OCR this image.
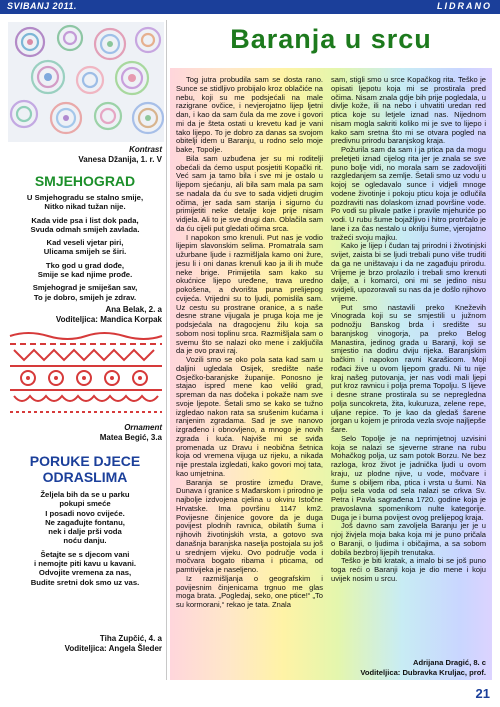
SVIBANJ 2011.	LIDRANO
Kontrast
Vanesa Džanija, 1. r. V
SMJEHOGRAD
U Smjehogradu se stalno smije,
Nitko nikad tužan nije.
Kada vide psa i list dok pada,
Svuda odmah smijeh zavlada.
Kad veseli vjetar piri,
Ulicama smijeh se širi.
Tko god u grad dođe,
Smije se kad njime prođe.
Smjehograd je smiješan sav,
To je dobro, smijeh je zdrav.
Ana Belak, 2. a
Voditeljica: Mandica Korpak
Ornament
Matea Begić, 3.a
PORUKE DJECE
ODRASLIMA
Željela bih da se u parku
pokupi smeće
I posadi novo cvijeće.
Ne zagađujte fontanu,
nek i dalje prši voda
noću danju.
Šetajte se s djecom vani
i nemojte piti kavu u kavani.
Odvojite vremena za nas,
Budite sretni dok smo uz vas.
Tiha Zupčić, 4. a
Voditeljica: Angela Šleder
Baranja u srcu

Tog jutra probudila sam se dosta rano. Sunce se stidljivo probijalo kroz oblačiće na nebu, koji su me podsjećali na male razigrane ovčice, i nevjerojatno lijep ljetni dan, i kao da sam čula da me zove i govori mi da je šteta ostati u krevetu kad je vani tako lijepo. To je dobro za danas sa svojom obitelji idem u Baranju, u rodno selo moje bake, Topolje.

Bila sam uzbuđena jer su mi roditelji obećali da ćemo usput posjetiti Kopački rit. Već sam ja tamo bila i sve mi je ostalo u lijepom sjećanju, ali bila sam mala pa sam se nadala da ću sve to sada vidjeti drugim očima, jer sada sam starija i sigurno ću primijetiti neke detalje koje prije nisam vidjela. Ali to je sve drugi dan. Oblačila sam da ću cijeli put gledati očima srca.

I napokon smo krenuli. Put nas je vodio lijepim slavonskim selima. Promatrala sam užurbane ljude i razmišljala kamo oni žure, jesu li i oni danas krenuli kao ja ili ih muče neke brige. Primijetila sam kako su okućnice lijepo uređene, trava uredno pokošena, a dvorišta puna prelijepog cvijeća. Vrijedni su to ljudi, pomislila sam. Uz cestu su prostrane oranice, a s naše desne strane vijugala je pruga koja me je podsjećala na dragocjenu žilu koja sa sobom nosi toplinu srca. Razmišljala sam o svemu što se nalazi oko mene i zaključila da je ovo pravi raj.

Vozili smo se oko pola sata kad sam u daljini ugledala Osijek, središte naše Osječko-baranjske županije. Ponosno je stajao ispred mene kao veliki grad, spreman da nas dočeka i pokaže nam sve svoje ljepote. Šetali smo se kako se tužno izgledao nakon rata sa srušenim kućama i ranjenim zgradama. Sad je sve nanovo izgrađeno i obnovljeno, a mnogo je novih zgrada i kuća. Najviše mi se sviđa promenada uz Dravu i neobična šetnica koja od vremena vijuga uz rijeku, a nikada nije prestala izgledati, kako govori moj tata, kao umjetnina.

Baranja se prostire između Drave, Dunava i granice s Mađarskom i prirodno je najbolje izdvojena cjelina u okviru Istočne Hrvatske. Ima površinu 1147 km2. Povijesne činjenice govore da je duga povijest plodnih ravnica, obilatih šuma i njihovih životinjskih vrsta, a gotovo sva današnja baranjska naselja postojala su još u srednjem vijeku. Ovo područje voda i močvara bogato ribama i pticama, od pamtivijeka je naseljeno.

Iz razmišljanja o geografskim i povijesnim činjenicama trgnuo me glas moga brata. „Pogledaj, seko, one ptice!“ „To su kormorani,“ rekao je tata. Znala

sam, stigli smo u srce Kopačkog rita. Teško je opisati ljepotu koja mi se prostirala pred očima. Nisam znala gdje bih prije pogledala, u divlje kože, ili na nebo i uhvatiti uredan red ptica koje su letjele iznad nas. Nijednom nisam mogla sakriti koliko mi je sve to lijepo i kako sam sretna što mi se otvara pogled na predivnu prirodu baranjskog kraja.

Požurila sam da sam i ja ptica pa da mogu preletjeti iznad cijelog rita jer je znala se sve puno bolje vidi, no morala sam se zadovoljiti razgledanjem sa zemlje. Šetali smo uz vodu u kojoj se ogledavalo sunce i vidjeli mnoge vodene životinje i pokoju pticu koja je odlučila pozdraviti nas dolaskom iznad površine vode. Po vodi su plivale patke i pravile mjehuriće po vodi. U rubu šume bojažljivo i hitro protrčalo je lane i za čas nestalo u okrilju šume, vjerojatno tražeći svoju majku.

Kako je lijep i čudan taj prirodni i životinjski svijet, zaista bi se ljudi trebali puno više truditi da ga ne uništavaju i da ne zagađuju prirodu. Vrijeme je brzo prolazilo i trebali smo krenuti dalje, a i komarci, oni mi se jedino nisu svidjeli, upozoravali su nas da je došlo njihovo vrijeme.

Put smo nastavili preko Kneževih Vinograda koji su se smjestili u južnom podnožju Banskog brda i središte su baranjskog vinogorja, pa preko Belog Manastira, jedinog grada u Baranji, koji se smjestio na dodiru dviju rijeka. Baranjskim bačkim i napokon ravni Karašicom. Moji rođaci žive u ovom lijepom gradu. Ni tu nije kraj našeg putovanja, jer nas vodi mali ljepi put kroz ravnicu i polja prema Topolju. S lijeve i desne strane prostirala su se nepregledna polja suncokreta, žita, kukuruza, zelene repe, uljane repice. To je kao da gledaš šarene jorgan u kojem je priroda vezla svoje najljepše šare.

Selo Topolje je na neprimjetnoj uzvisini koja se nalazi se sjeverne strane na rubu Mohačkog polja, uz sam potok Borzu. Ne bez razloga, kroz život je jadnička ljudi u ovom kraju, uz plodne njive, u vode, močvare i šume s obiljem riba, ptica i vrsta u šumi. Na polju sela voda od sela nalazi se crkva Sv. Petra i Pavla sagrađena 1720. godine koja je pravoslavna spomenikom nulte kategorije. Duga je i burna povijest ovog prelijepog kraja.

Još davno sam zavoljela Baranju jer je u njoj živjela moja baka koja mi je puno pričala o Baranji, o ljudima i običajima, a sa sobom dobila bezbroj lijepih trenutaka.

Teško je biti kratak, a imalo bi se još puno toga reći o Baranji koja je dio mene i koju uvijek nosim u srcu.

Adrijana Dragić, 8. c
Voditeljica: Dubravka Kruljac, prof.
21
